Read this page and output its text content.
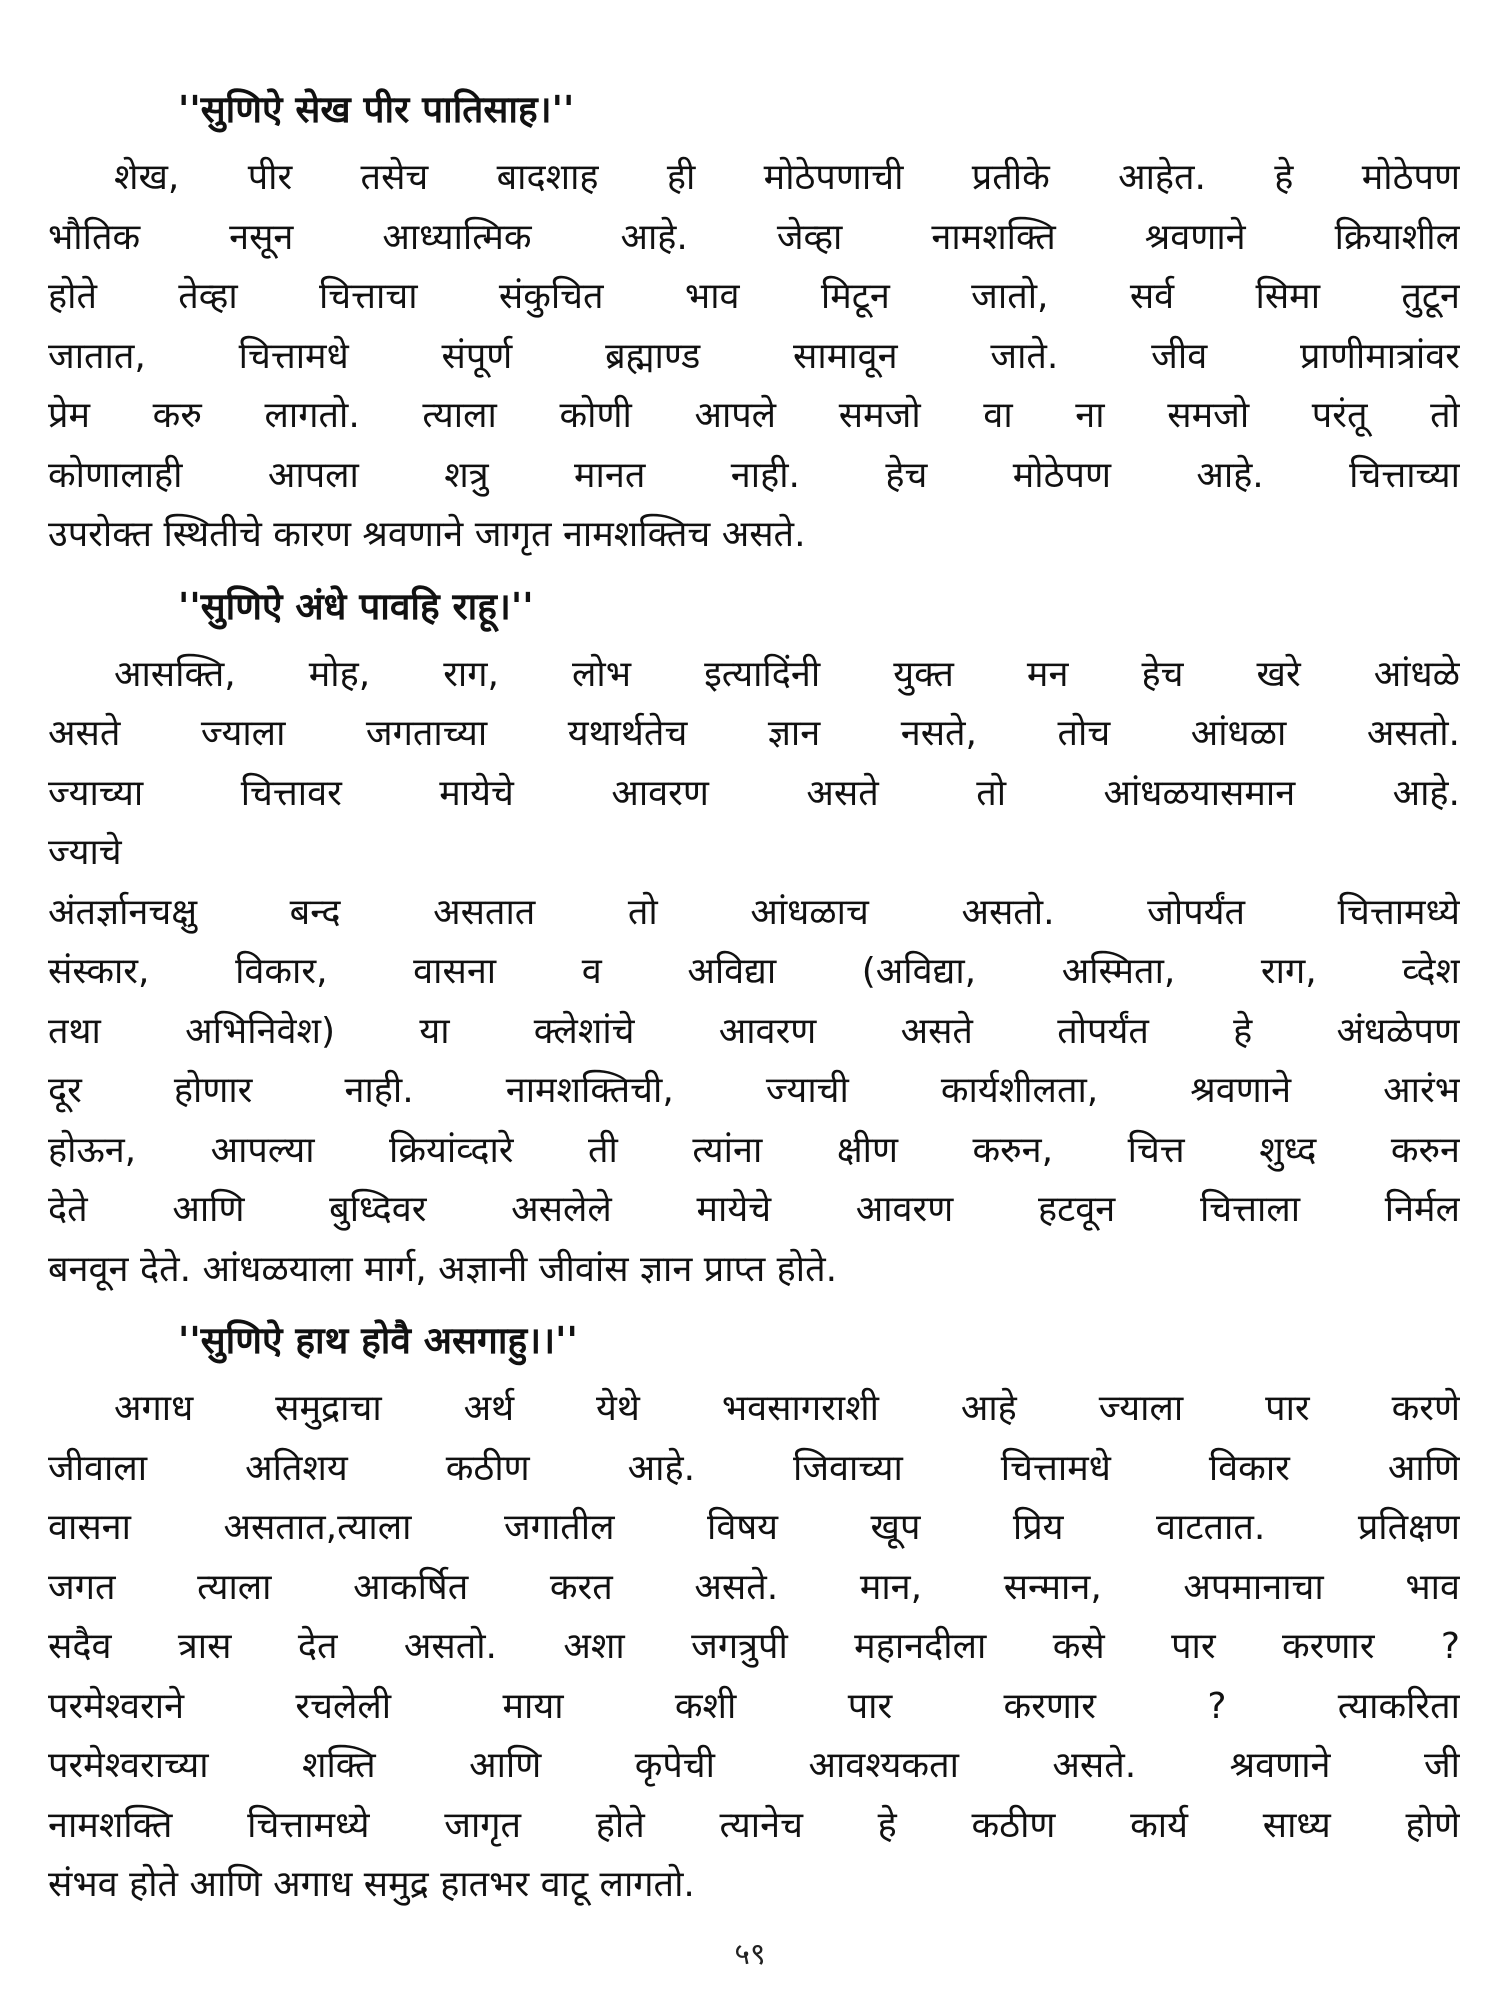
''सुणिऐ सेख पीर पातिसाह।''
शेख, पीर तसेच बादशाह ही मोठेपणाची प्रतीके आहेत. हे मोठेपण
भौतिक नसून आध्यात्मिक आहे. जेव्हा नामशक्ति श्रवणाने क्रियाशील
होते तेव्हा चित्ताचा संकुचित भाव मिटून जातो, सर्व सिमा तुटून
जातात, चित्तामधे संपूर्ण ब्रह्माण्ड सामावून जाते. जीव प्राणीमात्रांवर
प्रेम करु लागतो. त्याला कोणी आपले समजो वा ना समजो परंतू तो
कोणालाही आपला शत्रु मानत नाही. हेच मोठेपण आहे. चित्ताच्या
उपरोक्त स्थितीचे कारण श्रवणाने जागृत नामशक्तिच असते.
''सुणिऐ अंधे पावहि राहू।''
आसक्ति, मोह, राग, लोभ इत्यादिंनी युक्त मन हेच खरे आंधळे
असते ज्याला जगताच्या यथार्थतेच ज्ञान नसते, तोच आंधळा असतो.
ज्याच्या चित्तावर मायेचे आवरण असते तो आंधळयासमान आहे.
ज्याचे
अंतर्ज्ञानचक्षु बन्द असतात तो आंधळाच असतो. जोपर्यंत चित्तामध्ये
संस्कार, विकार, वासना व अविद्या (अविद्या, अस्मिता, राग, व्देश
तथा अभिनिवेश) या क्लेशांचे आवरण असते तोपर्यंत हे अंधळेपण
दूर होणार नाही. नामशक्तिची, ज्याची कार्यशीलता, श्रवणाने आरंभ
होऊन, आपल्या क्रियांव्दारे ती त्यांना क्षीण करुन, चित्त शुध्द करुन
देते आणि बुध्दिवर असलेले मायेचे आवरण हटवून चित्ताला निर्मल
बनवून देते. आंधळयाला मार्ग, अज्ञानी जीवांस ज्ञान प्राप्त होते.
''सुणिऐ हाथ होवै असगाहु।।''
अगाध समुद्राचा अर्थ येथे भवसागराशी आहे ज्याला पार करणे
जीवाला अतिशय कठीण आहे. जिवाच्या चित्तामधे विकार आणि
वासना असतात,त्याला जगातील विषय खूप प्रिय वाटतात. प्रतिक्षण
जगत त्याला आकर्षित करत असते. मान, सन्मान, अपमानाचा भाव
सदैव त्रास देत असतो. अशा जगत्रुपी महानदीला कसे पार करणार ?
परमेश्वराने रचलेली माया कशी पार करणार ? त्याकरिता
परमेश्वराच्या शक्ति आणि कृपेची आवश्यकता असते. श्रवणाने जी
नामशक्ति चित्तामध्ये जागृत होते त्यानेच हे कठीण कार्य साध्य होणे
संभव होते आणि अगाध समुद्र हातभर वाटू लागतो.
५९
